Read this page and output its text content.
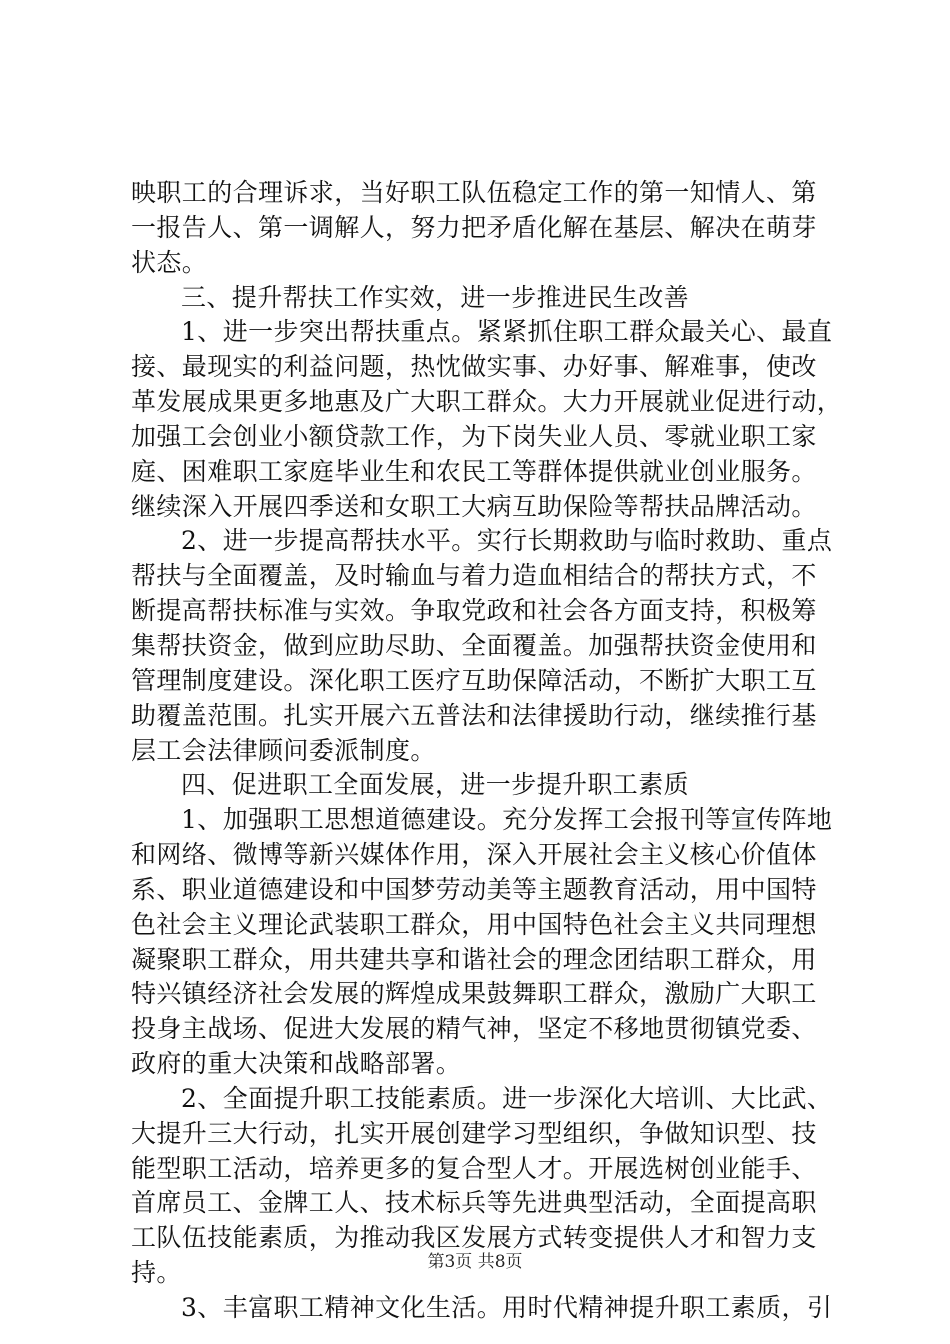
映职工的合理诉求，当好职工队伍稳定工作的第一知情人、第
一报告人、第一调解人，努力把矛盾化解在基层、解决在萌芽
状态。
三、提升帮扶工作实效，进一步推进民生改善
1、进一步突出帮扶重点。紧紧抓住职工群众最关心、最直
接、最现实的利益问题，热忱做实事、办好事、解难事，使改
革发展成果更多地惠及广大职工群众。大力开展就业促进行动，
加强工会创业小额贷款工作，为下岗失业人员、零就业职工家
庭、困难职工家庭毕业生和农民工等群体提供就业创业服务。
继续深入开展四季送和女职工大病互助保险等帮扶品牌活动。
2、进一步提高帮扶水平。实行长期救助与临时救助、重点
帮扶与全面覆盖，及时输血与着力造血相结合的帮扶方式，不
断提高帮扶标准与实效。争取党政和社会各方面支持，积极筹
集帮扶资金，做到应助尽助、全面覆盖。加强帮扶资金使用和
管理制度建设。深化职工医疗互助保障活动，不断扩大职工互
助覆盖范围。扎实开展六五普法和法律援助行动，继续推行基
层工会法律顾问委派制度。
四、促进职工全面发展，进一步提升职工素质
1、加强职工思想道德建设。充分发挥工会报刊等宣传阵地
和网络、微博等新兴媒体作用，深入开展社会主义核心价值体
系、职业道德建设和中国梦劳动美等主题教育活动，用中国特
色社会主义理论武装职工群众，用中国特色社会主义共同理想
凝聚职工群众，用共建共享和谐社会的理念团结职工群众，用
特兴镇经济社会发展的辉煌成果鼓舞职工群众，激励广大职工
投身主战场、促进大发展的精气神，坚定不移地贯彻镇党委、
政府的重大决策和战略部署。
2、全面提升职工技能素质。进一步深化大培训、大比武、
大提升三大行动，扎实开展创建学习型组织，争做知识型、技
能型职工活动，培养更多的复合型人才。开展选树创业能手、
首席员工、金牌工人、技术标兵等先进典型活动，全面提高职
工队伍技能素质，为推动我区发展方式转变提供人才和智力支
持。
3、丰富职工精神文化生活。用时代精神提升职工素质，引
第3页 共8页
